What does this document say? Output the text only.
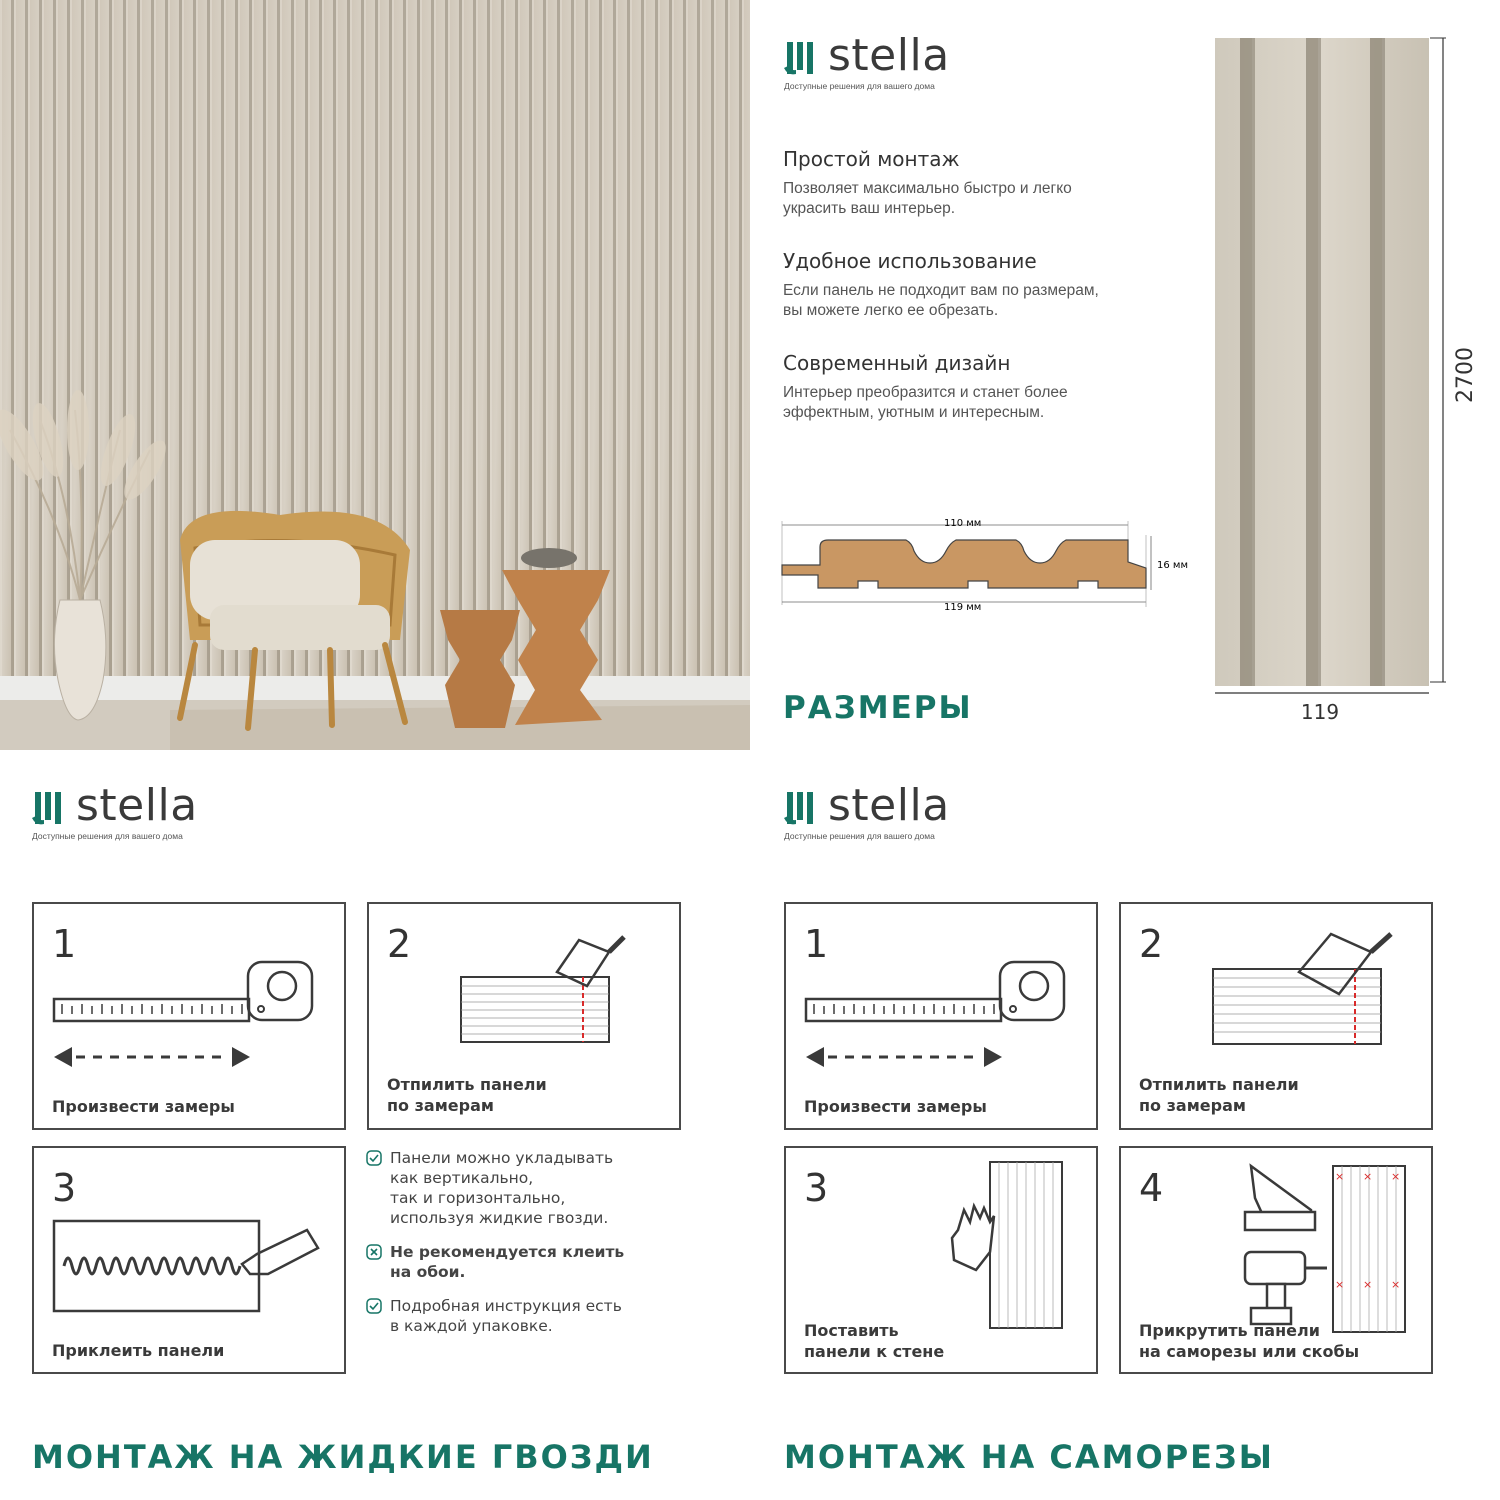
stella
Доступные решения для вашего дома
Простой монтаж
Позволяет максимально быстро и легко
украсить ваш интерьер.
Удобное использование
Если панель не подходит вам по размерам,
вы можете легко ее обрезать.
Современный дизайн
Интерьер преобразится и станет более
эффектным, уютным и интересным.
110 мм
119 мм
16 мм
РАЗМЕРЫ
2700
119
stella
Доступные решения для вашего дома
1
Произвести замеры
2
Отпилить панели
по замерам
3
Приклеить панели
Панели можно укладывать
как вертикально,
так и горизонтально,
используя жидкие гвозди.
Не рекомендуется клеить
на обои.
Подробная инструкция есть
в каждой упаковке.
МОНТАЖ НА ЖИДКИЕ ГВОЗДИ
stella
Доступные решения для вашего дома
1
Произвести замеры
2
Отпилить панели
по замерам
3
Поставить
панели к стене
4	× × ×
× × ×
Прикрутить панели
на саморезы или скобы
МОНТАЖ НА САМОРЕЗЫ
